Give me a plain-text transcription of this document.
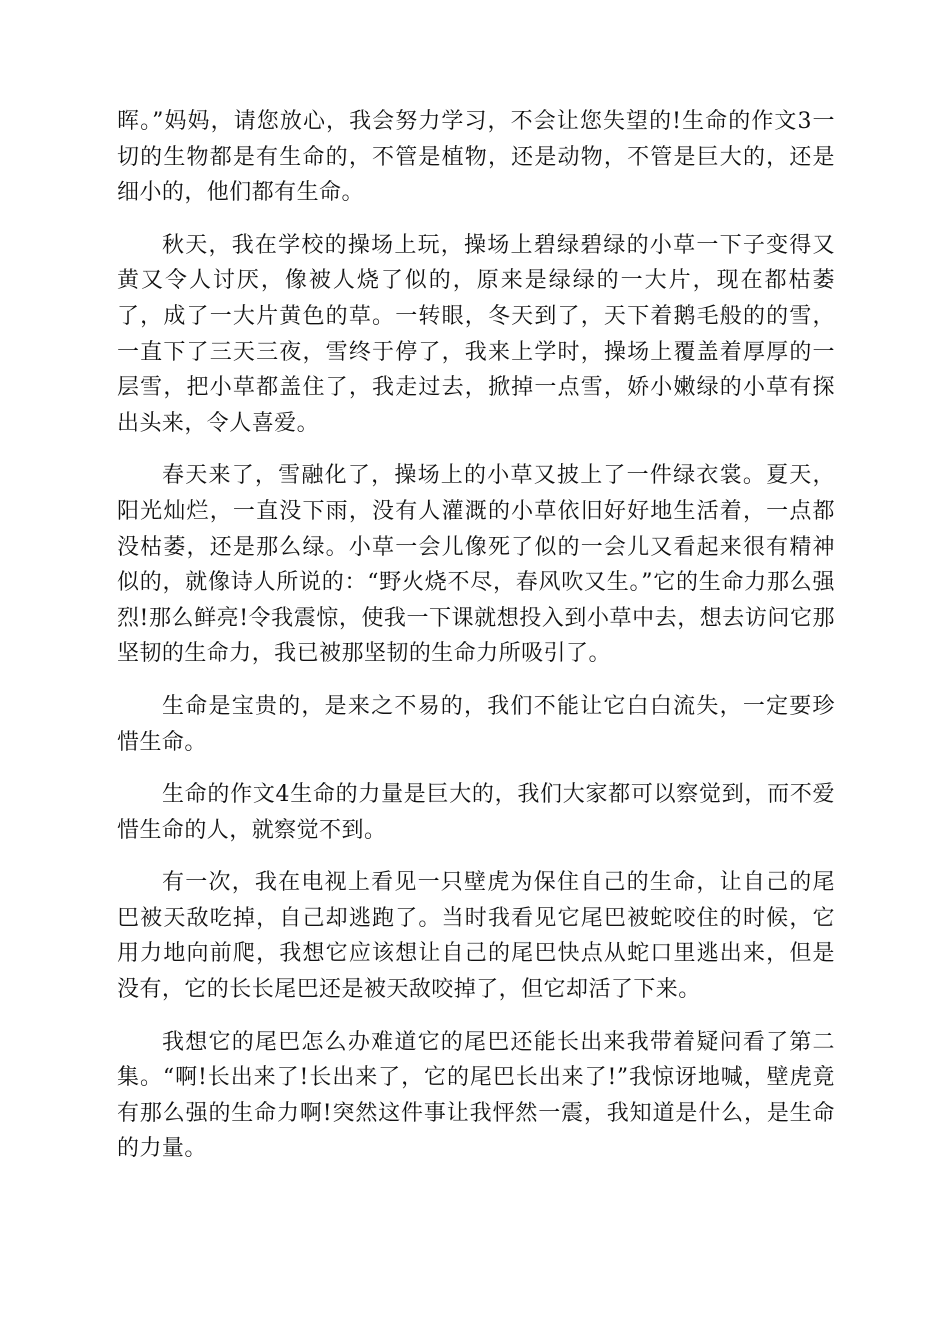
晖。”妈妈，请您放心，我会努力学习，不会让您失望的!生命的作文3一切的生物都是有生命的，不管是植物，还是动物，不管是巨大的，还是细小的，他们都有生命。

秋天，我在学校的操场上玩，操场上碧绿碧绿的小草一下子变得又黄又令人讨厌，像被人烧了似的，原来是绿绿的一大片，现在都枯萎了，成了一大片黄色的草。一转眼，冬天到了，天下着鹅毛般的的雪，一直下了三天三夜，雪终于停了，我来上学时，操场上覆盖着厚厚的一层雪，把小草都盖住了，我走过去，掀掉一点雪，娇小嫩绿的小草有探出头来，令人喜爱。

春天来了，雪融化了，操场上的小草又披上了一件绿衣裳。夏天，阳光灿烂，一直没下雨，没有人灌溉的小草依旧好好地生活着，一点都没枯萎，还是那么绿。小草一会儿像死了似的一会儿又看起来很有精神似的，就像诗人所说的：“野火烧不尽，春风吹又生。”它的生命力那么强烈!那么鲜亮!令我震惊，使我一下课就想投入到小草中去，想去访问它那坚韧的生命力，我已被那坚韧的生命力所吸引了。

生命是宝贵的，是来之不易的，我们不能让它白白流失，一定要珍惜生命。

生命的作文4生命的力量是巨大的，我们大家都可以察觉到，而不爱惜生命的人，就察觉不到。

有一次，我在电视上看见一只壁虎为保住自己的生命，让自己的尾巴被天敌吃掉，自己却逃跑了。当时我看见它尾巴被蛇咬住的时候，它用力地向前爬，我想它应该想让自己的尾巴快点从蛇口里逃出来，但是没有，它的长长尾巴还是被天敌咬掉了，但它却活了下来。

我想它的尾巴怎么办难道它的尾巴还能长出来我带着疑问看了第二集。“啊!长出来了!长出来了，它的尾巴长出来了!”我惊讶地喊，壁虎竟有那么强的生命力啊!突然这件事让我怦然一震，我知道是什么，是生命的力量。
